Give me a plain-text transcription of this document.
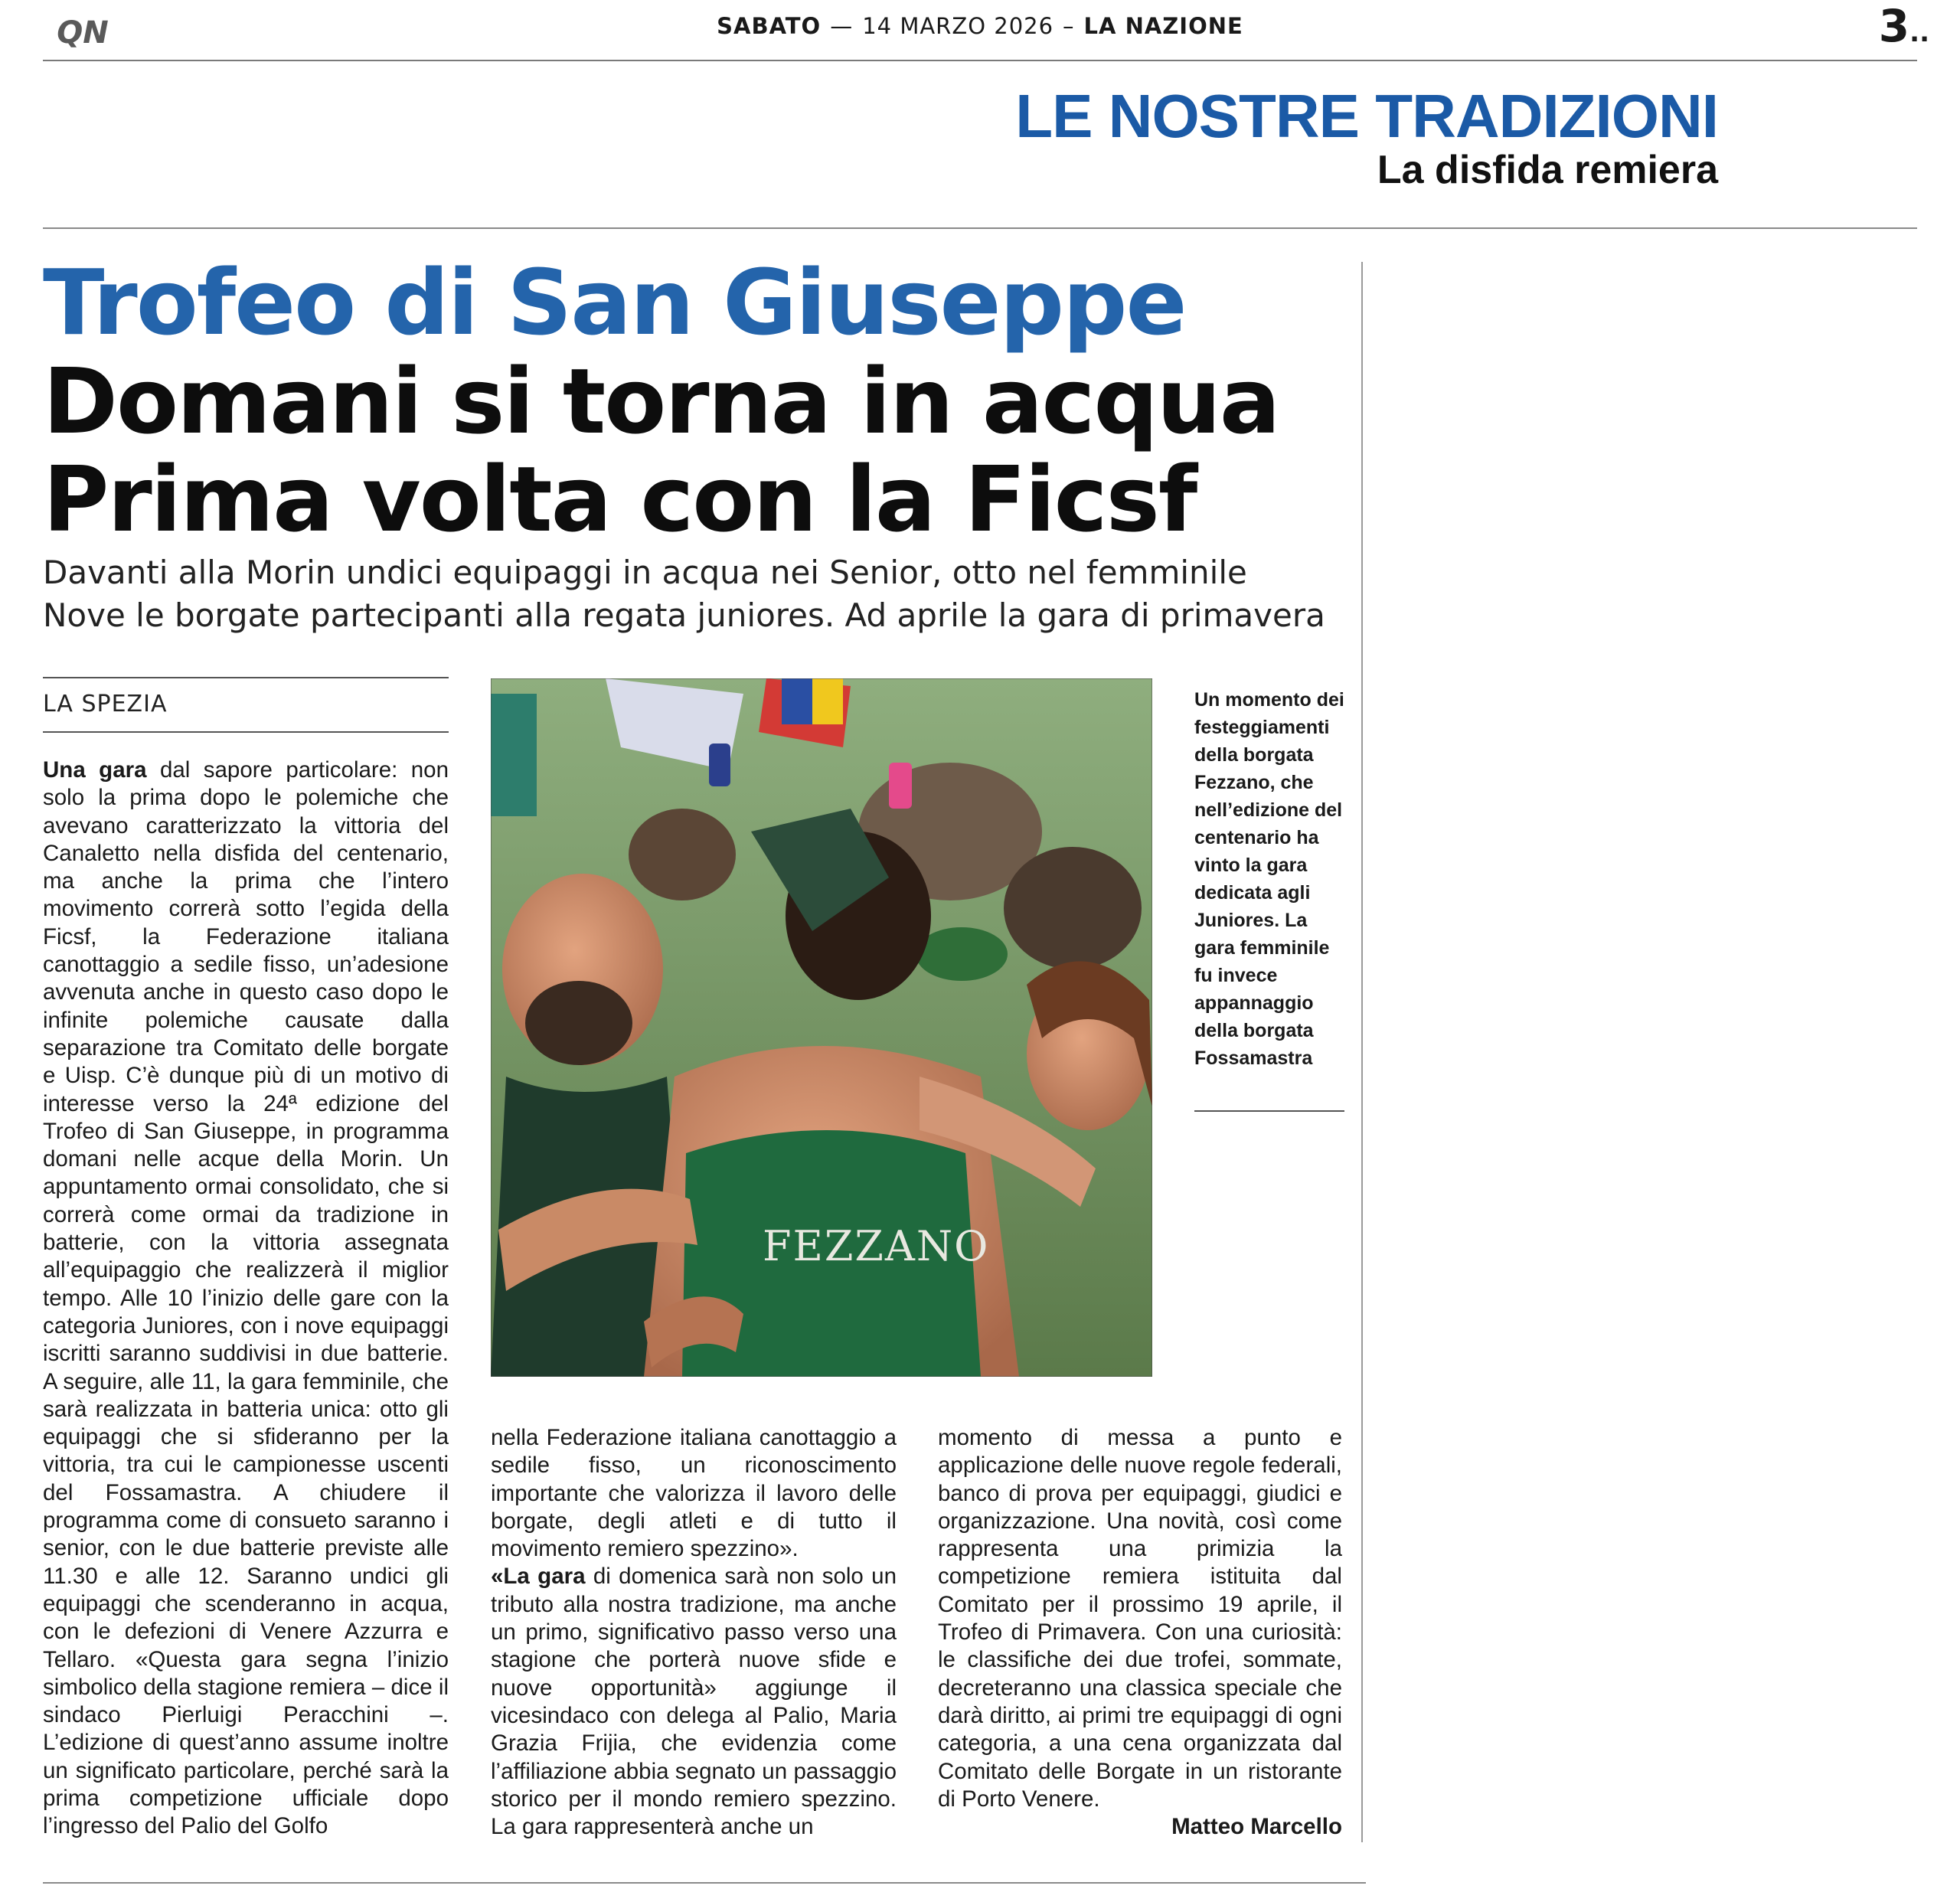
QN	SABATO — 14 MARZO 2026 – LA NAZIONE	3..
LE NOSTRE TRADIZIONI
La disfida remiera
Trofeo di San Giuseppe
Domani si torna in acqua
Prima volta con la Ficsf
Davanti alla Morin undici equipaggi in acqua nei Senior, otto nel femminile
Nove le borgate partecipanti alla regata juniores. Ad aprile la gara di primavera
LA SPEZIA

Una gara dal sapore particolare: non solo la prima dopo le polemiche che avevano caratterizzato la vittoria del Canaletto nella disfida del centenario, ma anche la prima che l’intero movimento correrà sotto l’egida della Ficsf, la Federazione italiana canottaggio a sedile fisso, un’adesione avvenuta anche in questo caso dopo le infinite polemiche causate dalla separazione tra Comitato delle borgate e Uisp. C’è dunque più di un motivo di interesse verso la 24ª edizione del Trofeo di San Giuseppe, in programma domani nelle acque della Morin. Un appuntamento ormai consolidato, che si correrà come ormai da tradizione in batterie, con la vittoria assegnata all’equipaggio che realizzerà il miglior tempo. Alle 10 l’inizio delle gare con la categoria Juniores, con i nove equipaggi iscritti saranno suddivisi in due batterie. A seguire, alle 11, la gara femminile, che sarà realizzata in batteria unica: otto gli equipaggi che si sfideranno per la vittoria, tra cui le campionesse uscenti del Fossamastra. A chiudere il programma come di consueto saranno i senior, con le due batterie previste alle 11.30 e alle 12. Saranno undici gli equipaggi che scenderanno in acqua, con le defezioni di Venere Azzurra e Tellaro. «Questa gara segna l’inizio simbolico della stagione remiera – dice il sindaco Pierluigi Peracchini –. L’edizione di quest’anno assume inoltre un significato particolare, perché sarà la prima competizione ufficiale dopo l’ingresso del Palio del Golfo

FEZZANO
Un momento dei festeggiamenti della borgata Fezzano, che nell’edizione del centenario ha vinto la gara dedicata agli Juniores. La gara femminile fu invece appannaggio della borgata Fossamastra

nella Federazione italiana canottaggio a sedile fisso, un riconoscimento importante che valorizza il lavoro delle borgate, degli atleti e di tutto il movimento remiero spezzino».

«La gara di domenica sarà non solo un tributo alla nostra tradizione, ma anche un primo, significativo passo verso una stagione che porterà nuove sfide e nuove opportunità» aggiunge il vicesindaco con delega al Palio, Maria Grazia Frijia, che evidenzia come l’affiliazione abbia segnato un passaggio storico per il mondo remiero spezzino. La gara rappresenterà anche un

momento di messa a punto e applicazione delle nuove regole federali, banco di prova per equipaggi, giudici e organizzazione. Una novità, così come rappresenta una primizia la competizione remiera istituita dal Comitato per il prossimo 19 aprile, il Trofeo di Primavera. Con una curiosità: le classifiche dei due trofei, sommate, decreteranno una classica speciale che darà diritto, ai primi tre equipaggi di ogni categoria, a una cena organizzata dal Comitato delle Borgate in un ristorante di Porto Venere.

Matteo Marcello
